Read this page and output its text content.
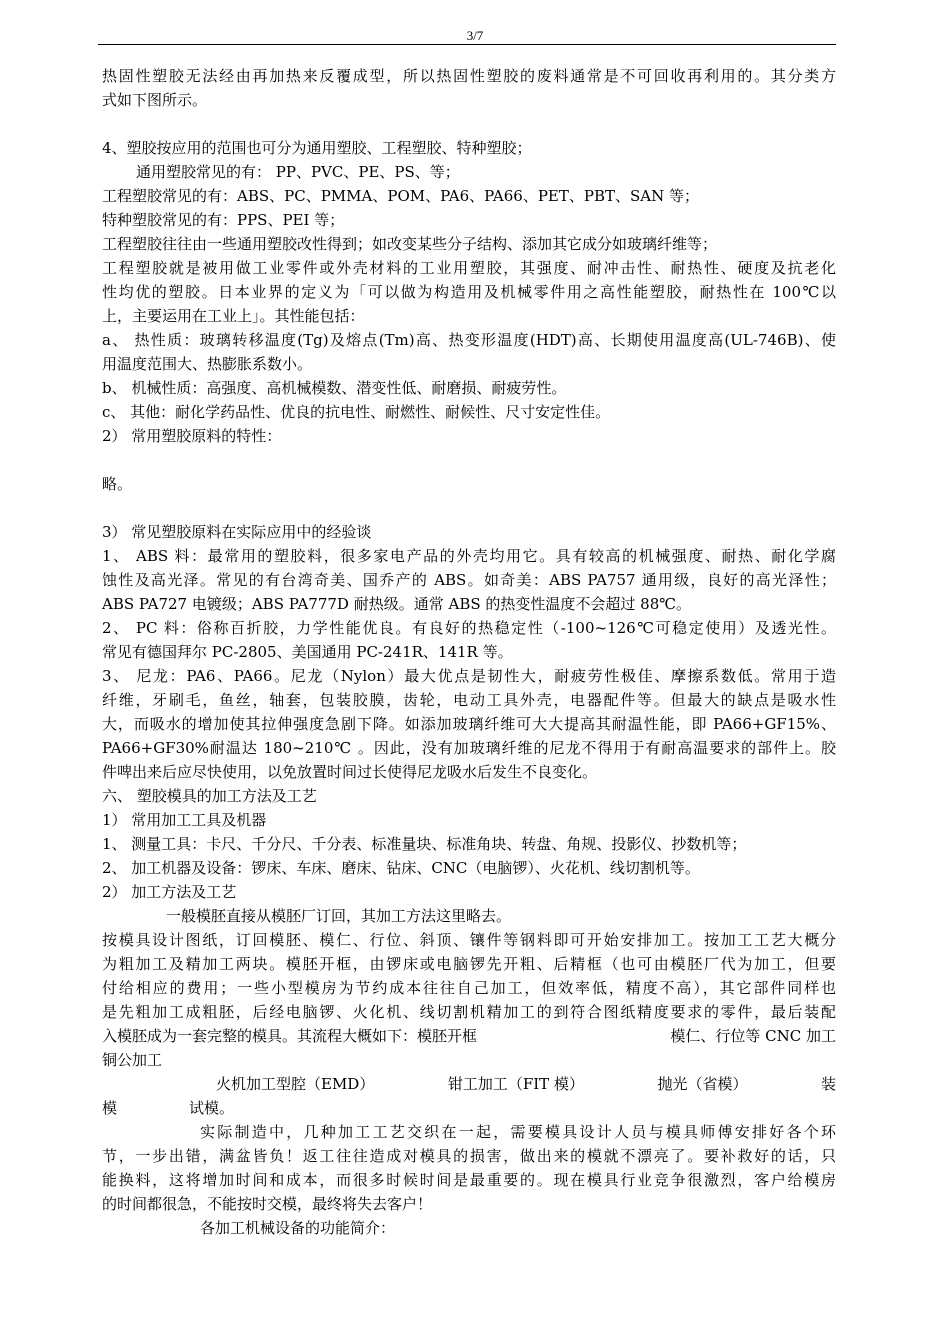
3/7
热固性塑胶无法经由再加热来反覆成型，所以热固性塑胶的废料通常是不可回收再利用的。其分类方
式如下图所示。
4、塑胶按应用的范围也可分为通用塑胶、工程塑胶、特种塑胶；
通用塑胶常见的有： PP、PVC、PE、PS、等；
工程塑胶常见的有：ABS、PC、PMMA、POM、PA6、PA66、PET、PBT、SAN 等；
特种塑胶常见的有：PPS、PEI 等；
工程塑胶往往由一些通用塑胶改性得到；如改变某些分子结构、添加其它成分如玻璃纤维等；
工程塑胶就是被用做工业零件或外壳材料的工业用塑胶，其强度、耐冲击性、耐热性、硬度及抗老化
性均优的塑胶。日本业界的定义为「可以做为构造用及机械零件用之高性能塑胶，耐热性在 100℃以
上，主要运用在工业上」。其性能包括：
a、 热性质：玻璃转移温度(Tg)及熔点(Tm)高、热变形温度(HDT)高、长期使用温度高(UL-746B)、使
用温度范围大、热膨胀系数小。
b、 机械性质：高强度、高机械模数、潜变性低、耐磨损、耐疲劳性。
c、 其他：耐化学药品性、优良的抗电性、耐燃性、耐候性、尺寸安定性佳。
2） 常用塑胶原料的特性：
略。
3） 常见塑胶原料在实际应用中的经验谈
1、 ABS 料：最常用的塑胶料，很多家电产品的外壳均用它。具有较高的机械强度、耐热、耐化学腐
蚀性及高光泽。常见的有台湾奇美、国乔产的 ABS。如奇美：ABS PA757 通用级，良好的高光泽性；
ABS PA727 电镀级；ABS PA777D 耐热级。通常 ABS 的热变性温度不会超过 88℃。
2、 PC 料：俗称百折胶，力学性能优良。有良好的热稳定性（-100~126℃可稳定使用）及透光性。
常见有德国拜尔 PC-2805、美国通用 PC-241R、141R 等。
3、 尼龙：PA6、PA66。尼龙（Nylon）最大优点是韧性大，耐疲劳性极佳、摩擦系数低。常用于造
纤维，牙刷毛，鱼丝，轴套，包装胶膜，齿轮，电动工具外壳，电器配件等。但最大的缺点是吸水性
大，而吸水的增加使其拉伸强度急剧下降。如添加玻璃纤维可大大提高其耐温性能，即 PA66+GF15%、
PA66+GF30%耐温达 180~210℃ 。因此，没有加玻璃纤维的尼龙不得用于有耐高温要求的部件上。胶
件啤出来后应尽快使用，以免放置时间过长使得尼龙吸水后发生不良变化。
六、 塑胶模具的加工方法及工艺
1） 常用加工工具及机器
1、 测量工具：卡尺、千分尺、千分表、标准量块、标准角块、转盘、角规、投影仪、抄数机等；
2、 加工机器及设备：锣床、车床、磨床、钻床、CNC（电脑锣）、火花机、线切割机等。
2） 加工方法及工艺
一般模胚直接从模胚厂订回，其加工方法这里略去。
按模具设计图纸，订回模胚、模仁、行位、斜顶、镶件等钢料即可开始安排加工。按加工工艺大概分
为粗加工及精加工两块。模胚开框，由锣床或电脑锣先开粗、后精框（也可由模胚厂代为加工，但要
付给相应的费用；一些小型模房为节约成本往往自己加工，但效率低，精度不高），其它部件同样也
是先粗加工成粗胚，后经电脑锣、火化机、线切割机精加工的到符合图纸精度要求的零件，最后装配
入模胚成为一套完整的模具。其流程大概如下：模胚开框	模仁、行位等 CNC 加工
铜公加工
火机加工型腔（EMD）	钳工加工（FIT 模）	抛光（省模）	装
模	试模。
实际制造中，几种加工工艺交织在一起，需要模具设计人员与模具师傅安排好各个环
节，一步出错，满盆皆负！返工往往造成对模具的损害，做出来的模就不漂亮了。要补救好的话，只
能换料，这将增加时间和成本，而很多时候时间是最重要的。现在模具行业竞争很激烈，客户给模房
的时间都很急，不能按时交模，最终将失去客户！
各加工机械设备的功能简介：
